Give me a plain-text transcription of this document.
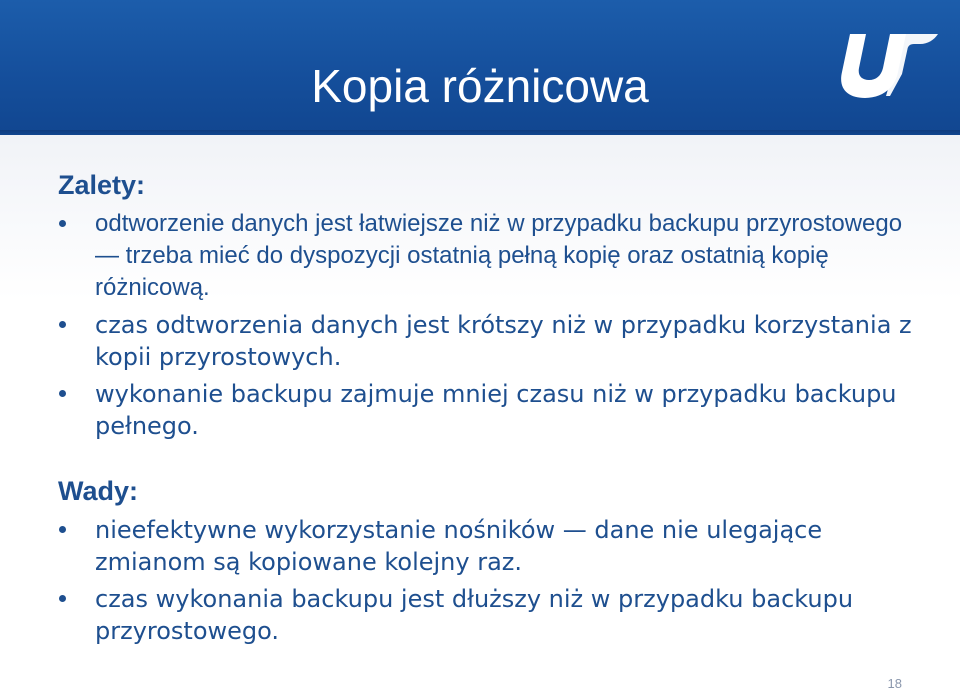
Kopia różnicowa
Zalety:
odtworzenie danych jest łatwiejsze niż w przypadku backupu przyrostowego — trzeba mieć do dyspozycji ostatnią pełną kopię oraz ostatnią kopię różnicową.
czas odtworzenia danych jest krótszy niż w przypadku korzystania z kopii przyrostowych.
wykonanie backupu zajmuje mniej czasu niż w przypadku backupu pełnego.
Wady:
nieefektywne wykorzystanie nośników — dane nie ulegające zmianom są kopiowane kolejny raz.
czas wykonania backupu jest dłuższy niż w przypadku backupu przyrostowego.
18
